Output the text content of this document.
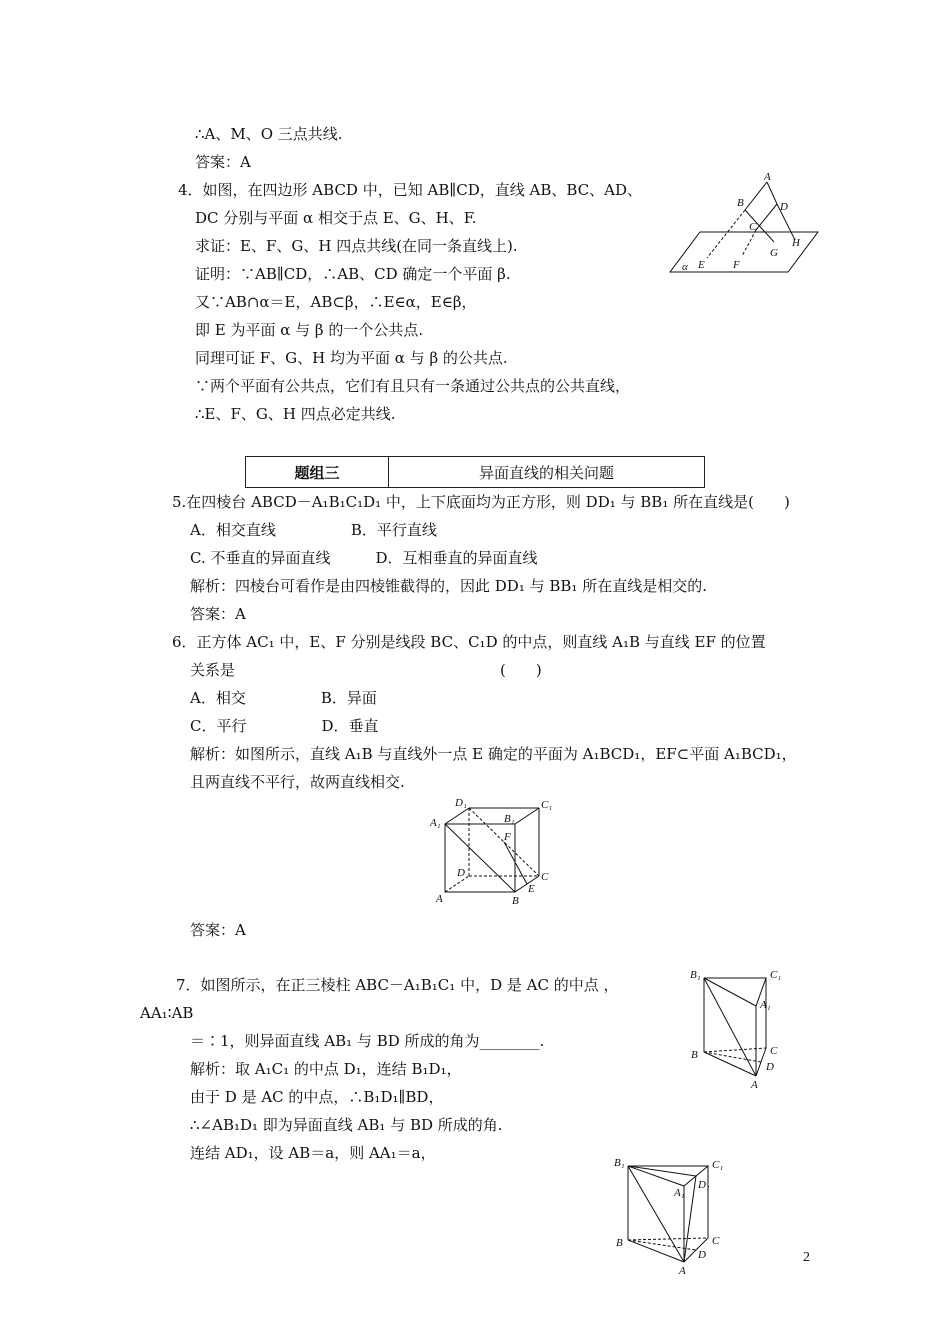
∴A、M、O 三点共线.
答案：A
4．如图，在四边形 ABCD 中，已知 AB∥CD，直线 AB、BC、AD、
DC 分别与平面 α 相交于点 E、G、H、F.
求证：E、F、G、H 四点共线(在同一条直线上).
证明：∵AB∥CD，∴AB、CD 确定一个平面 β.
又∵AB∩α＝E，AB⊂β，∴E∈α，E∈β，
即 E 为平面 α 与 β 的一个公共点.
同理可证 F、G、H 均为平面 α 与 β 的公共点.
∵两个平面有公共点，它们有且只有一条通过公共点的公共直线，
∴E、F、G、H 四点必定共线.
A
B	D
C
G
H
E	F
α
题组三	异面直线的相关问题
5.在四棱台 ABCD－A₁B₁C₁D₁ 中，上下底面均为正方形，则 DD₁ 与 BB₁ 所在直线是(　　)
A．相交直线　　　　　B．平行直线
C. 不垂直的异面直线　　　D．互相垂直的异面直线
解析：四棱台可看作是由四棱锥截得的，因此 DD₁ 与 BB₁ 所在直线是相交的.
答案：A
6．正方体 AC₁ 中，E、F 分别是线段 BC、C₁D 的中点，则直线 A₁B 与直线 EF 的位置
关系是	(　　)
A．相交　　　　　B．异面
C．平行　　　　　D．垂直
解析：如图所示，直线 A₁B 与直线外一点 E 确定的平面为 A₁BCD₁，EF⊂平面 A₁BCD₁，
且两直线不平行，故两直线相交.
D₁
A₁	B₁
C₁
F
D	C
E
A	B
答案：A
7．如图所示，在正三棱柱 ABC－A₁B₁C₁ 中，D 是 AC 的中点 ，
AA₁∶AB
＝∶1，则异面直线 AB₁ 与 BD 所成的角为________.
解析：取 A₁C₁ 的中点 D₁，连结 B₁D₁，
由于 D 是 AC 的中点，∴B₁D₁∥BD，
∴∠AB₁D₁ 即为异面直线 AB₁ 与 BD 所成的角.
连结 AD₁，设 AB＝a，则 AA₁＝a，
B₁	C₁
A₁
B	C
D
A
B₁	C₁
D₁
A₁
B	C
D
A
2
